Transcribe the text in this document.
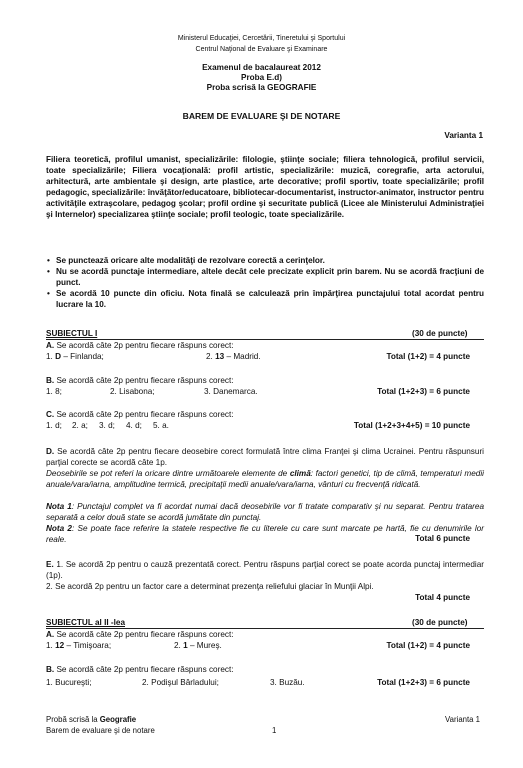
Ministerul Educaţiei, Cercetării, Tineretului şi Sportului
Centrul Naţional de Evaluare şi Examinare
Examenul de bacalaureat 2012
Proba E.d)
Proba scrisă la GEOGRAFIE
BAREM DE EVALUARE ŞI DE NOTARE
Varianta 1
Filiera teoretică, profilul umanist, specializările: filologie, ştiinţe sociale; filiera tehnologică, profilul servicii, toate specializările; Filiera vocaţională: profil artistic, specializările: muzică, coregrafie, arta actorului, arhitectură, arte ambientale şi design, arte plastice, arte decorative; profil sportiv, toate specializările; profil pedagogic, specializările: învăţător/educatoare, bibliotecar-documentarist, instructor-animator, instructor pentru activităţile extraşcolare, pedagog şcolar; profil ordine şi securitate publică (Licee ale Ministerului Administraţiei şi Internelor) specializarea ştiinţe sociale; profil teologic, toate specializările.
• Se punctează oricare alte modalităţi de rezolvare corectă a cerinţelor.
• Nu se acordă punctaje intermediare, altele decât cele precizate explicit prin barem. Nu se acordă fracţiuni de punct.
• Se acordă 10 puncte din oficiu. Nota finală se calculează prin împărţirea punctajului total acordat pentru lucrare la 10.
SUBIECTUL I	(30 de puncte)
A. Se acordă câte 2p pentru fiecare răspuns corect:
1. D – Finlanda;	2. 13 – Madrid.	Total (1+2) = 4 puncte
B. Se acordă câte 2p pentru fiecare răspuns corect:
1. 8;	2. Lisabona;	3. Danemarca.	Total (1+2+3) = 6 puncte
C. Se acordă câte 2p pentru fiecare răspuns corect:
1. d; 2. a; 3. d; 4. d; 5. a.	Total (1+2+3+4+5) = 10 puncte
D. Se acordă câte 2p pentru fiecare deosebire corect formulată între clima Franţei şi clima Ucrainei. Pentru răspunsuri parţial corecte se acordă câte 1p.
Deosebirile se pot referi la oricare dintre următoarele elemente de climă: factori genetici, tip de climă, temperaturi medii anuale/vara/iarna, amplitudine termică, precipitaţii medii anuale/vara/iarna, vânturi cu frecvenţă ridicată.
Nota 1: Punctajul complet va fi acordat numai dacă deosebirile vor fi tratate comparativ şi nu separat. Pentru tratarea separată a celor două state se acordă jumătate din punctaj.
Nota 2: Se poate face referire la statele respective fie cu literele cu care sunt marcate pe hartă, fie cu denumirile lor reale.	Total 6 puncte
E. 1. Se acordă 2p pentru o cauză prezentată corect. Pentru răspuns parţial corect se poate acorda punctaj intermediar (1p).
2. Se acordă 2p pentru un factor care a determinat prezenţa reliefului glaciar în Munţii Alpi.
Total 4 puncte
SUBIECTUL al II -lea	(30 de puncte)
A. Se acordă câte 2p pentru fiecare răspuns corect:
1. 12 – Timişoara;	2. 1 – Mureş.	Total (1+2) = 4 puncte
B. Se acordă câte 2p pentru fiecare răspuns corect:
1. Bucureşti;	2. Podişul Bârladului;	3. Buzău.	Total (1+2+3) = 6 puncte
Probă scrisă la Geografie	Varianta 1
Barem de evaluare şi de notare	1
